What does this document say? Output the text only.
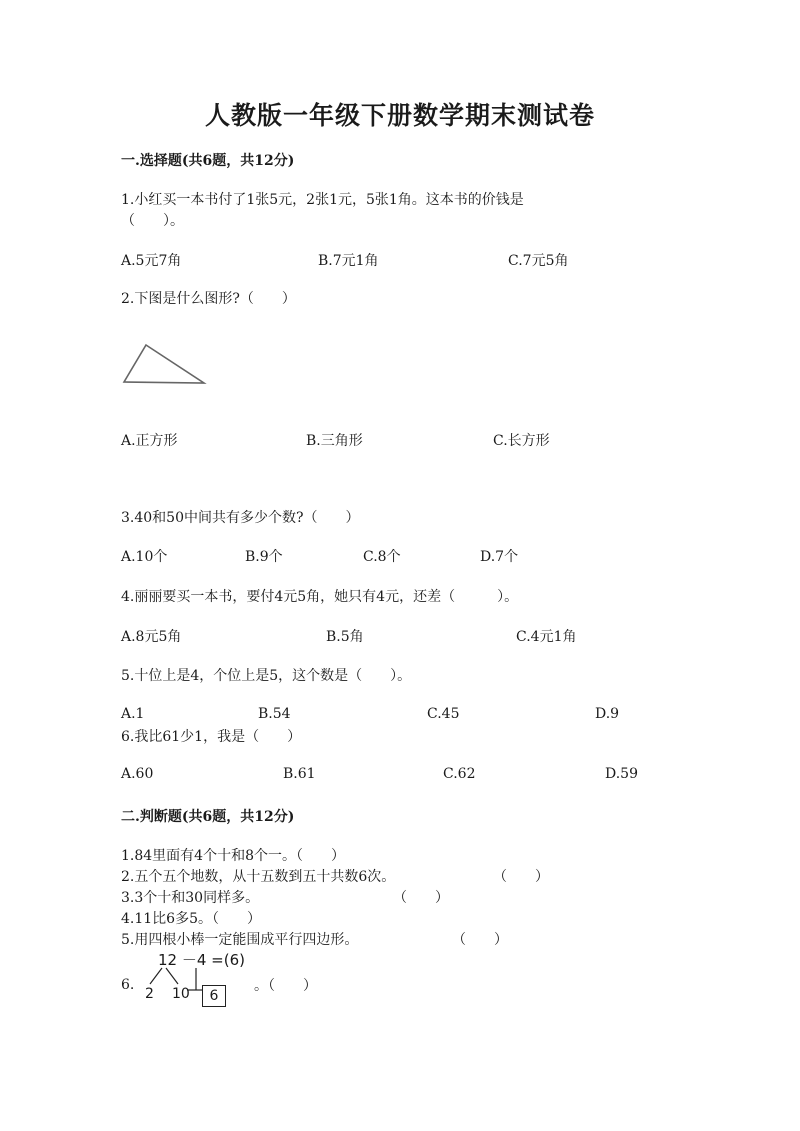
人教版一年级下册数学期末测试卷
一.选择题(共6题，共12分)
1.小红买一本书付了1张5元，2张1元，5张1角。这本书的价钱是
（　　）。
A.5元7角	B.7元1角	C.7元5角
2.下图是什么图形?（　　）
A.正方形	B.三角形	C.长方形
3.40和50中间共有多少个数?（　　）
A.10个	B.9个	C.8个	D.7个
4.丽丽要买一本书，要付4元5角，她只有4元，还差（　　　）。
A.8元5角	B.5角	C.4元1角
5.十位上是4，个位上是5，这个数是（　　）。
A.1	B.54	C.45	D.9
6.我比61少1，我是（　　）
A.60	B.61	C.62	D.59
二.判断题(共6题，共12分)
1.84里面有4个十和8个一。（　　）
2.五个五个地数，从十五数到五十共数6次。	（　　）
3.3个十和30同样多。	（　　）
4.11比6多5。（　　）
5.用四根小棒一定能围成平行四边形。	（　　）
6.
12 －4 =(6)
2 10	6
。（　　）
